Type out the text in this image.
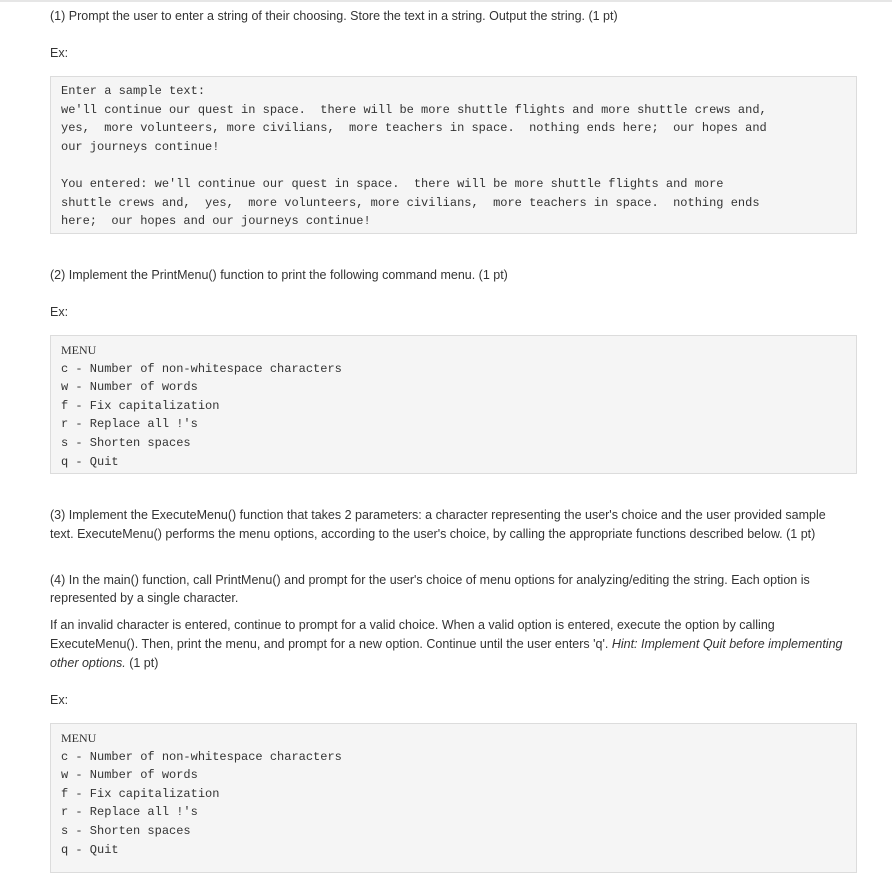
(1) Prompt the user to enter a string of their choosing. Store the text in a string. Output the string. (1 pt)

Ex:
Enter a sample text:
we'll continue our quest in space.  there will be more shuttle flights and more shuttle crews and,
yes,  more volunteers, more civilians,  more teachers in space.  nothing ends here;  our hopes and
our journeys continue!
You entered: we'll continue our quest in space.  there will be more shuttle flights and more
shuttle crews and,  yes,  more volunteers, more civilians,  more teachers in space.  nothing ends
here;  our hopes and our journeys continue!

(2) Implement the PrintMenu() function to print the following command menu. (1 pt)

Ex:
MENU
c - Number of non-whitespace characters
w - Number of words
f - Fix capitalization
r - Replace all !'s
s - Shorten spaces
q - Quit

(3) Implement the ExecuteMenu() function that takes 2 parameters: a character representing the user's choice and the user provided sample

text. ExecuteMenu() performs the menu options, according to the user's choice, by calling the appropriate functions described below. (1 pt)

(4) In the main() function, call PrintMenu() and prompt for the user's choice of menu options for analyzing/editing the string. Each option is

represented by a single character.

If an invalid character is entered, continue to prompt for a valid choice. When a valid option is entered, execute the option by calling

ExecuteMenu(). Then, print the menu, and prompt for a new option. Continue until the user enters 'q'. Hint: Implement Quit before implementing

other options. (1 pt)

Ex:
MENU
c - Number of non-whitespace characters
w - Number of words
f - Fix capitalization
r - Replace all !'s
s - Shorten spaces
q - Quit
